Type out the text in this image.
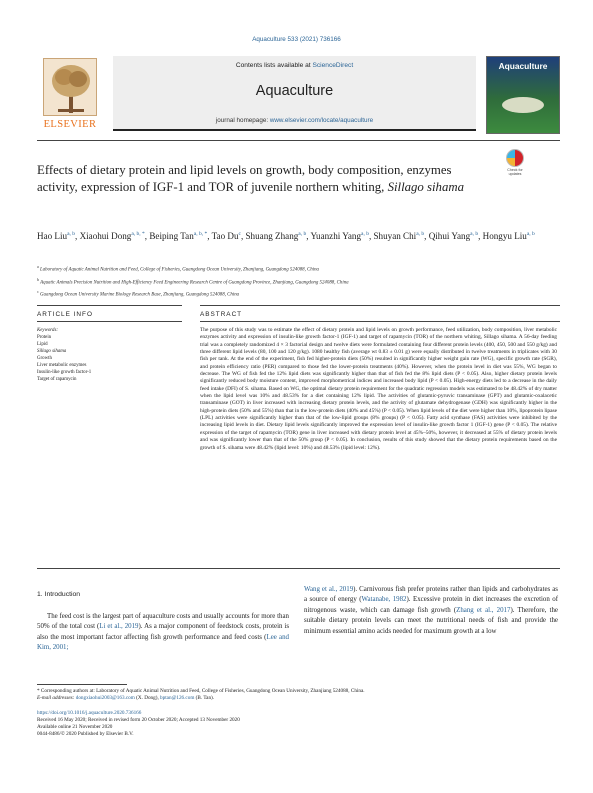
Aquaculture 533 (2021) 736166
ELSEVIER
Contents lists available at ScienceDirect
Aquaculture
journal homepage: www.elsevier.com/locate/aquaculture
Aquaculture
Effects of dietary protein and lipid levels on growth, body composition, enzymes activity, expression of IGF-1 and TOR of juvenile northern whiting, Sillago sihama
Check for
updates
Hao Liu$^{a, b}$, Xiaohui Dong$^{a, b, *}$, Beiping Tan$^{a, b, *}$, Tao Du$^c$, Shuang Zhang$^{a, b}$, Yuanzhi Yang$^{a, b}$, Shuyan Chi$^{a, b}$, Qihui Yang$^{a, b}$, Hongyu Liu$^{a, b}$
$^a$ Laboratory of Aquatic Animal Nutrition and Feed, College of Fisheries, Guangdong Ocean University, Zhanjiang, Guangdong 524088, China
$^b$ Aquatic Animals Precision Nutrition and High-Efficiency Feed Engineering Research Centre of Guangdong Province, Zhanjiang, Guangdong 524088, China
$^c$ Guangdong Ocean University Marine Biology Research Base, Zhanjiang, Guangdong 524088, China
ARTICLE INFO	ABSTRACT
Keywords:
Protein
Lipid
Sillago sihama
Growth
Liver metabolic enzymes
Insulin-like growth factor-1
Target of rapamycin
The purpose of this study was to estimate the effect of dietary protein and lipid levels on growth performance, feed utilization, body composition, liver metabolic enzymes activity and expression of insulin-like growth factor-1 (IGF-1) and target of rapamycin (TOR) of the northern whiting, Sillago sihama. A 56-day feeding trial was a completely randomized 4 × 3 factorial design and twelve diets were formulated containing four different protein levels (400, 450, 500 and 550 g/kg) and three different lipid levels (80, 100 and 120 g/kg). 1080 healthy fish (average wt 0.83 ± 0.01 g) were equally distributed in twelve treatments in triplicates with 30 fish per tank. At the end of the experiment, fish fed higher-protein diets (50%) resulted in significantly higher weight gain rate (WG), specific growth rate (SGR), and protein efficiency ratio (PER) compared to those fed the lower-protein treatments (40%). However, when the protein level in diet was 55%, WG began to decrease. The WG of fish fed the 12% lipid diets was significantly higher than that of fish fed the 8% lipid diets (P < 0.05). Also, higher dietary protein levels significantly reduced body moisture content, improved morphometrical indices and increased body lipid (P < 0.05). High-energy diets led to a decrease in the daily feed intake (DFI) of S. sihama. Based on WG, the optimal dietary protein requirement for the quadratic regression models was estimated to be 48.42% of dry matter when the lipid level was 10% and 48.53% for a diet containing 12% lipid. The activities of glutamic-pyruvic transaminase (GPT) and glutamic-oxalacetic transaminase (GOT) in liver increased with increasing dietary protein levels, and the activity of glutamate dehydrogenase (GDH) was significantly higher in the high-protein diets (50% and 55%) than that in the low-protein diets (40% and 45%) (P < 0.05). When lipid levels of the diet were higher than 10%, lipoprotein lipase (LPL) activities were significantly higher than that of the low-lipid groups (8% groups) (P < 0.05). Fatty acid synthase (FAS) activities were inhibited by the increasing lipid levels in diet. Dietary lipid levels significantly improved the expression level of insulin-like growth factor 1 (IGF-1) gene (P < 0.05). The relative expression of the target of rapamycin (TOR) gene in liver increased with dietary protein level at 45%–50%, however, it decreased at 55% of dietary protein levels and was significantly lower than that of the 50% group (P < 0.05). In conclusion, results of this study showed that the dietary protein requirements based on the growth of S. sihama were 48.42% (lipid level: 10%) and 48.53% (lipid level: 12%).
1. Introduction
The feed cost is the largest part of aquaculture costs and usually accounts for more than 50% of the total cost (Li et al., 2019). As a major component of feedstock costs, protein is also the most important factor affecting fish growth performance and feed costs (Lee and Kim, 2001;
Wang et al., 2019). Carnivorous fish prefer proteins rather than lipids and carbohydrates as a source of energy (Watanabe, 1982). Excessive protein in diet increases the excretion of nitrogenous waste, which can damage fish growth (Zhang et al., 2017). Therefore, the suitable dietary protein levels can meet the nutritional needs of fish and provide the minimum essential amino acids needed for maximum growth at a low
* Corresponding authors at: Laboratory of Aquatic Animal Nutrition and Feed, College of Fisheries, Guangdong Ocean University, Zhanjiang 524088, China.
E-mail addresses: dongxiaohui2003@163.com (X. Dong), bptan@126.com (B. Tan).
https://doi.org/10.1016/j.aquaculture.2020.736166
Received 16 May 2020; Received in revised form 20 October 2020; Accepted 13 November 2020
Available online 21 November 2020
0044-8486/© 2020 Published by Elsevier B.V.
